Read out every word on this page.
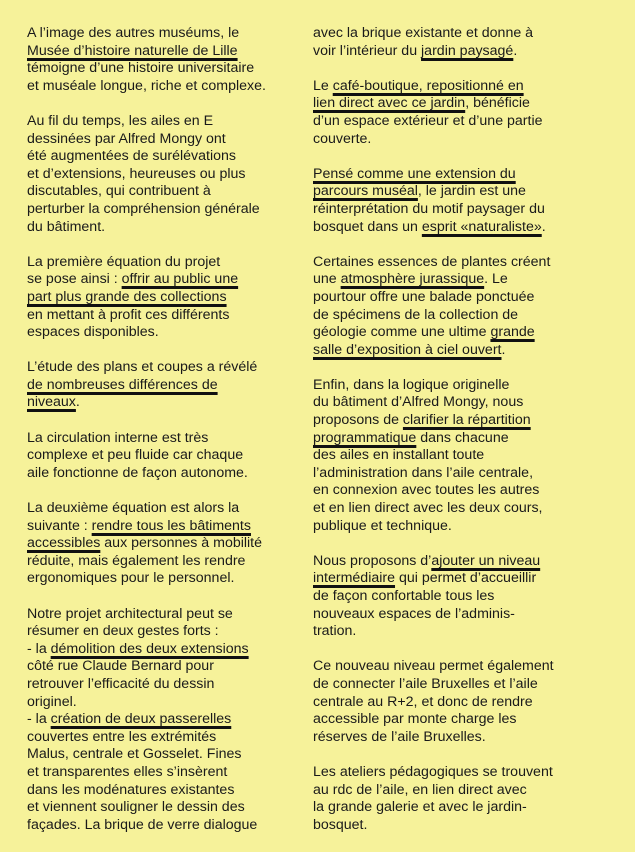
A l’image des autres muséums, le
Musée d’histoire naturelle de Lille
témoigne d’une histoire universitaire
et muséale longue, riche et complexe.

Au fil du temps, les ailes en E
dessinées par Alfred Mongy ont
été augmentées de surélévations
et d’extensions, heureuses ou plus
discutables, qui contribuent à
perturber la compréhension générale
du bâtiment.

La première équation du projet
se pose ainsi : offrir au public une
part plus grande des collections
en mettant à profit ces différents
espaces disponibles.

L’étude des plans et coupes a révélé
de nombreuses différences de
niveaux.

La circulation interne est très
complexe et peu fluide car chaque
aile fonctionne de façon autonome.

La deuxième équation est alors la
suivante : rendre tous les bâtiments
accessibles aux personnes à mobilité
réduite, mais également les rendre
ergonomiques pour le personnel.

Notre projet architectural peut se
résumer en deux gestes forts :
- la démolition des deux extensions
côté rue Claude Bernard pour
retrouver l’efficacité du dessin
originel.
- la création de deux passerelles
couvertes entre les extrémités
Malus, centrale et Gosselet. Fines
et transparentes elles s’insèrent
dans les modénatures existantes
et viennent souligner le dessin des
façades. La brique de verre dialogue

avec la brique existante et donne à
voir l’intérieur du jardin paysagé.

Le café-boutique, repositionné en
lien direct avec ce jardin, bénéficie
d’un espace extérieur et d’une partie
couverte.

Pensé comme une extension du
parcours muséal, le jardin est une
réinterprétation du motif paysager du
bosquet dans un esprit «naturaliste».

Certaines essences de plantes créent
une atmosphère jurassique. Le
pourtour offre une balade ponctuée
de spécimens de la collection de
géologie comme une ultime grande
salle d’exposition à ciel ouvert.

Enfin, dans la logique originelle
du bâtiment d’Alfred Mongy, nous
proposons de clarifier la répartition
programmatique dans chacune
des ailes en installant toute
l’administration dans l’aile centrale,
en connexion avec toutes les autres
et en lien direct avec les deux cours,
publique et technique.

Nous proposons d’ajouter un niveau
intermédiaire qui permet d’accueillir
de façon confortable tous les
nouveaux espaces de l’adminis-
tration.

Ce nouveau niveau permet également
de connecter l’aile Bruxelles et l’aile
centrale au R+2, et donc de rendre
accessible par monte charge les
réserves de l’aile Bruxelles.

Les ateliers pédagogiques se trouvent
au rdc de l’aile, en lien direct avec
la grande galerie et avec le jardin-
bosquet.
